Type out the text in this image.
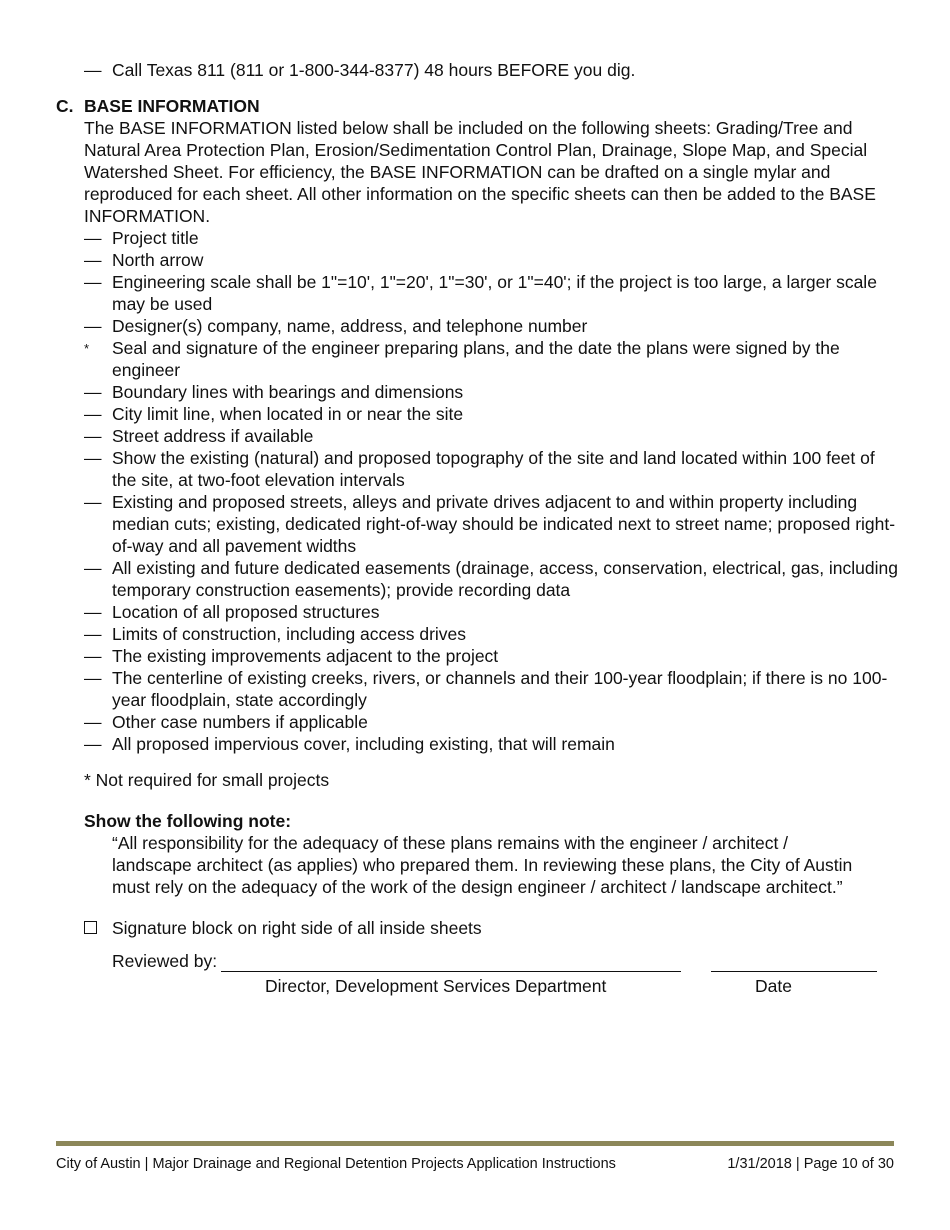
— Call Texas 811 (811 or 1-800-344-8377) 48 hours BEFORE you dig.
C. BASE INFORMATION

The BASE INFORMATION listed below shall be included on the following sheets: Grading/Tree and Natural Area Protection Plan, Erosion/Sedimentation Control Plan, Drainage, Slope Map, and Special Watershed Sheet. For efficiency, the BASE INFORMATION can be drafted on a single mylar and reproduced for each sheet. All other information on the specific sheets can then be added to the BASE INFORMATION.

— Project title
— North arrow
— Engineering scale shall be 1"=10', 1"=20', 1"=30', or 1"=40'; if the project is too large, a larger scale may be used
— Designer(s) company, name, address, and telephone number
*	Seal and signature of the engineer preparing plans, and the date the plans were signed by the engineer
— Boundary lines with bearings and dimensions
— City limit line, when located in or near the site
— Street address if available
— Show the existing (natural) and proposed topography of the site and land located within 100 feet of the site, at two-foot elevation intervals
— Existing and proposed streets, alleys and private drives adjacent to and within property including median cuts; existing, dedicated right-of-way should be indicated next to street name; proposed right-of-way and all pavement widths
— All existing and future dedicated easements (drainage, access, conservation, electrical, gas, including temporary construction easements); provide recording data
— Location of all proposed structures
— Limits of construction, including access drives
— The existing improvements adjacent to the project
— The centerline of existing creeks, rivers, or channels and their 100-year floodplain; if there is no 100-year floodplain, state accordingly
— Other case numbers if applicable
— All proposed impervious cover, including existing, that will remain
* Not required for small projects
Show the following note:
“All responsibility for the adequacy of these plans remains with the engineer / architect / landscape architect (as applies) who prepared them. In reviewing these plans, the City of Austin must rely on the adequacy of the work of the design engineer / architect / landscape architect.”
Signature block on right side of all inside sheets
Reviewed by:
Director, Development Services Department	Date
City of Austin | Major Drainage and Regional Detention Projects Application Instructions	1/31/2018 | Page 10 of 30
